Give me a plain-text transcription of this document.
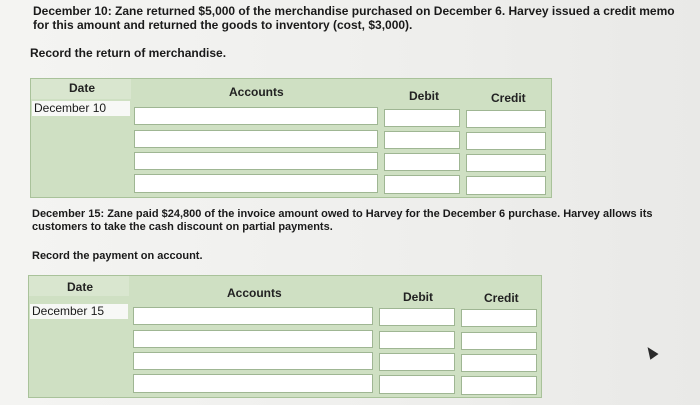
December 10: Zane returned $5,000 of the merchandise purchased on December 6. Harvey issued a credit memo for this amount and returned the goods to inventory (cost, $3,000).
Record the return of merchandise.
Date	Accounts	Debit	Credit
December 10
December 15: Zane paid $24,800 of the invoice amount owed to Harvey for the December 6 purchase. Harvey allows its customers to take the cash discount on partial payments.
Record the payment on account.
Date	Accounts	Debit	Credit
December 15
